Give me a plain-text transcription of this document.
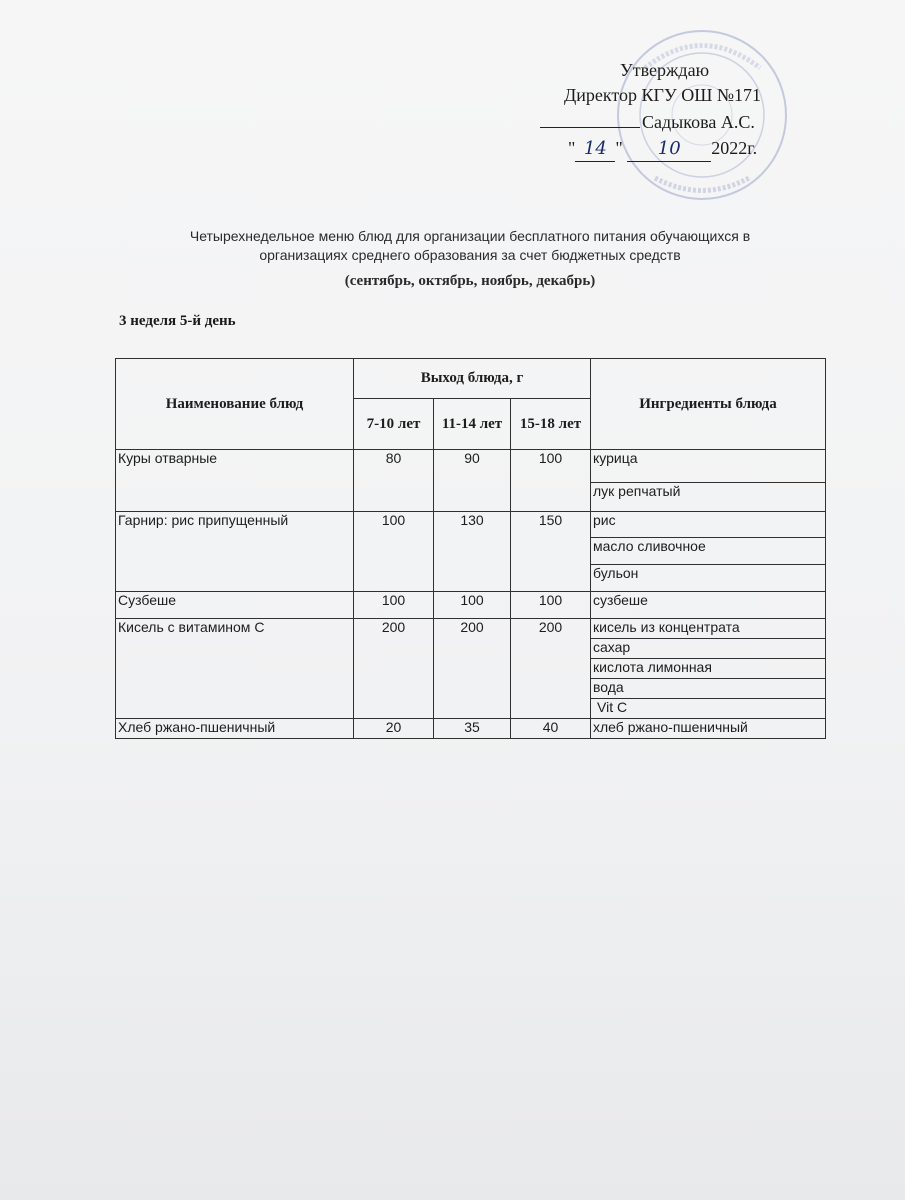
Утверждаю
Директор КГУ ОШ №171
Садыкова А.С.
" 14 " 10 2022г.
Четырехнедельное меню блюд для организации бесплатного питания обучающихся в
организациях среднего образования за счет бюджетных средств
(сентябрь, октябрь, ноябрь, декабрь)
3 неделя 5-й день
Наименование блюд	Выход блюда, г			Ингредиенты блюда
	7-10 лет	11-14 лет	15-18 лет	
Куры отварные	80	90	100	курица
				лук репчатый
Гарнир: рис припущенный	100	130	150	рис
				масло сливочное
				бульон
Сузбеше	100	100	100	сузбеше
Кисель с витамином С	200	200	200	кисель из концентрата
				сахар
				кислота лимонная
				вода
				Vit C
Хлеб ржано-пшеничный	20	35	40	хлеб ржано-пшеничный
